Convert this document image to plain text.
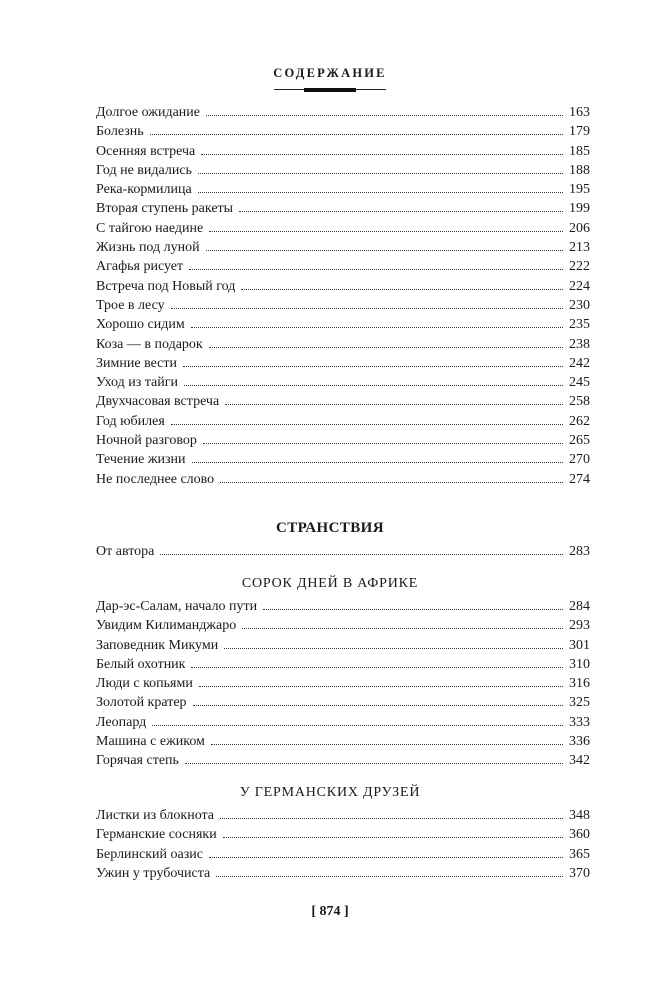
СОДЕРЖАНИЕ
Долгое ожидание	163
Болезнь	179
Осенняя встреча	185
Год не видались	188
Река-кормилица	195
Вторая ступень ракеты	199
С тайгою наедине	206
Жизнь под луной	213
Агафья рисует	222
Встреча под Новый год	224
Трое в лесу	230
Хорошо сидим	235
Коза — в подарок	238
Зимние вести	242
Уход из тайги	245
Двухчасовая встреча	258
Год юбилея	262
Ночной разговор	265
Течение жизни	270
Не последнее слово	274
СТРАНСТВИЯ
От автора	283
СОРОК ДНЕЙ В АФРИКЕ
Дар-эс-Салам, начало пути	284
Увидим Килиманджаро	293
Заповедник Микуми	301
Белый охотник	310
Люди с копьями	316
Золотой кратер	325
Леопард	333
Машина с ежиком	336
Горячая степь	342
У ГЕРМАНСКИХ ДРУЗЕЙ
Листки из блокнота	348
Германские сосняки	360
Берлинский оазис	365
Ужин у трубочиста	370
[ 874 ]
